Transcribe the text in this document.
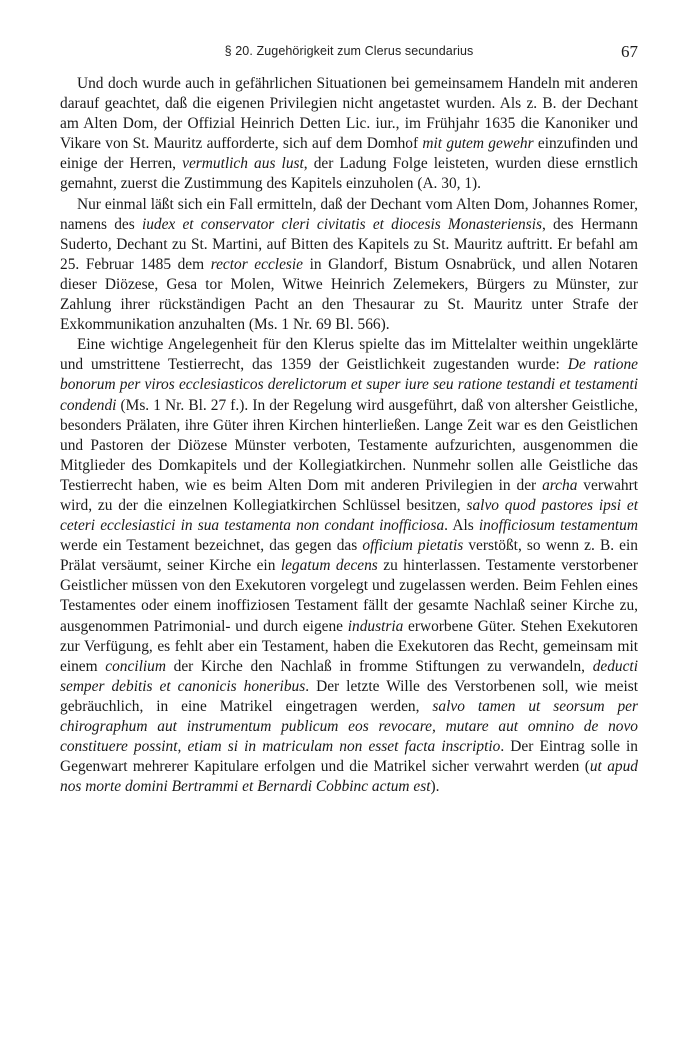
§ 20. Zugehörigkeit zum Clerus secundarius	67

Und doch wurde auch in gefährlichen Situationen bei gemeinsamem Handeln mit anderen darauf geachtet, daß die eigenen Privilegien nicht angetastet wurden. Als z. B. der Dechant am Alten Dom, der Offizial Heinrich Detten Lic. iur., im Frühjahr 1635 die Kanoniker und Vikare von St. Mauritz aufforderte, sich auf dem Domhof mit gutem gewehr einzufinden und einige der Herren, vermutlich aus lust, der Ladung Folge leisteten, wurden diese ernstlich gemahnt, zuerst die Zustimmung des Kapitels einzuholen (A. 30, 1).

Nur einmal läßt sich ein Fall ermitteln, daß der Dechant vom Alten Dom, Johannes Romer, namens des iudex et conservator cleri civitatis et diocesis Monasteriensis, des Hermann Suderto, Dechant zu St. Martini, auf Bitten des Kapitels zu St. Mauritz auftritt. Er befahl am 25. Februar 1485 dem rector ecclesie in Glandorf, Bistum Osnabrück, und allen Notaren dieser Diözese, Gesa tor Molen, Witwe Heinrich Zelemekers, Bürgers zu Münster, zur Zahlung ihrer rückständigen Pacht an den Thesaurar zu St. Mauritz unter Strafe der Exkommunikation anzuhalten (Ms. 1 Nr. 69 Bl. 566).

Eine wichtige Angelegenheit für den Klerus spielte das im Mittelalter weithin ungeklärte und umstrittene Testierrecht, das 1359 der Geistlichkeit zugestanden wurde: De ratione bonorum per viros ecclesiasticos derelictorum et super iure seu ratione testandi et testamenti condendi (Ms. 1 Nr. Bl. 27 f.). In der Regelung wird ausgeführt, daß von altersher Geistliche, besonders Prälaten, ihre Güter ihren Kirchen hinterließen. Lange Zeit war es den Geistlichen und Pastoren der Diözese Münster verboten, Testamente aufzurichten, ausgenommen die Mitglieder des Domkapitels und der Kollegiatkirchen. Nunmehr sollen alle Geistliche das Testierrecht haben, wie es beim Alten Dom mit anderen Privilegien in der archa verwahrt wird, zu der die einzelnen Kollegiatkirchen Schlüssel besitzen, salvo quod pastores ipsi et ceteri ecclesiastici in sua testamenta non condant inofficiosa. Als inofficiosum testamentum werde ein Testament bezeichnet, das gegen das officium pietatis verstößt, so wenn z. B. ein Prälat versäumt, seiner Kirche ein legatum decens zu hinterlassen. Testamente verstorbener Geistlicher müssen von den Exekutoren vorgelegt und zugelassen werden. Beim Fehlen eines Testamentes oder einem inoffiziosen Testament fällt der gesamte Nachlaß seiner Kirche zu, ausgenommen Patrimonial- und durch eigene industria erworbene Güter. Stehen Exekutoren zur Verfügung, es fehlt aber ein Testament, haben die Exekutoren das Recht, gemeinsam mit einem concilium der Kirche den Nachlaß in fromme Stiftungen zu verwandeln, deducti semper debitis et canonicis honeribus. Der letzte Wille des Verstorbenen soll, wie meist gebräuchlich, in eine Matrikel eingetragen werden, salvo tamen ut seorsum per chirographum aut instrumentum publicum eos revocare, mutare aut omnino de novo constituere possint, etiam si in matriculam non esset facta inscriptio. Der Eintrag solle in Gegenwart mehrerer Kapitulare erfolgen und die Matrikel sicher verwahrt werden (ut apud nos morte domini Bertrammi et Bernardi Cobbinc actum est).
